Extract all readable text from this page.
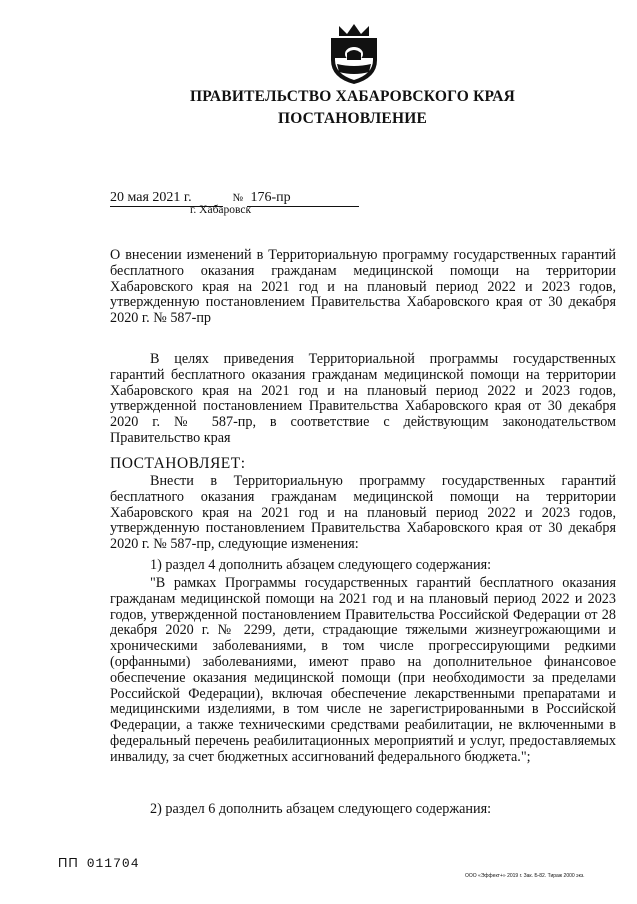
ПРАВИТЕЛЬСТВО ХАБАРОВСКОГО КРАЯ
ПОСТАНОВЛЕНИЕ
20 мая 2021 г.	№ 176-пр
г. Хабаровск
О внесении изменений в Территориальную программу государственных гарантий бесплатного оказания гражданам медицинской помощи на территории Хабаровского края на 2021 год и на плановый период 2022 и 2023 годов, утвержденную постановлением Правительства Хабаровского края от 30 декабря 2020 г. № 587-пр
В целях приведения Территориальной программы государственных гарантий бесплатного оказания гражданам медицинской помощи на территории Хабаровского края на 2021 год и на плановый период 2022 и 2023 годов, утвержденной постановлением Правительства Хабаровского края от 30 декабря 2020 г. № 587-пр, в соответствие с действующим законодательством Правительство края
ПОСТАНОВЛЯЕТ:
Внести в Территориальную программу государственных гарантий бесплатного оказания гражданам медицинской помощи на территории Хабаровского края на 2021 год и на плановый период 2022 и 2023 годов, утвержденную постановлением Правительства Хабаровского края от 30 декабря 2020 г. № 587-пр, следующие изменения:
1) раздел 4 дополнить абзацем следующего содержания:
"В рамках Программы государственных гарантий бесплатного оказания гражданам медицинской помощи на 2021 год и на плановый период 2022 и 2023 годов, утвержденной постановлением Правительства Российской Федерации от 28 декабря 2020 г. № 2299, дети, страдающие тяжелыми жизнеугрожающими и хроническими заболеваниями, в том числе прогрессирующими редкими (орфанными) заболеваниями, имеют право на дополнительное финансовое обеспечение оказания медицинской помощи (при необходимости за пределами Российской Федерации), включая обеспечение лекарственными препаратами и медицинскими изделиями, в том числе не зарегистрированными в Российской Федерации, а также техническими средствами реабилитации, не включенными в федеральный перечень реабилитационных мероприятий и услуг, предоставляемых инвалиду, за счет бюджетных ассигнований федерального бюджета.";
2) раздел 6 дополнить абзацем следующего содержания:
ПП 011704
ООО «Эффект+» 2019 г. Зак. Б-82. Тираж 2000 экз.
